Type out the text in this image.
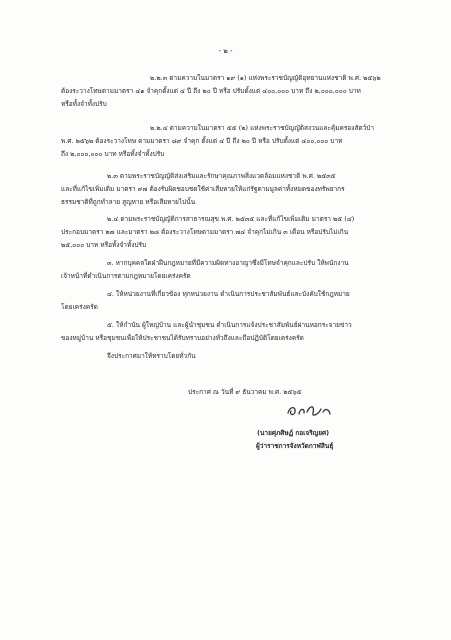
- ๒ -
๒.๒.๓ ตามความในมาตรา ๑๙ (๑) แห่งพระราชบัญญัติอุทยานแห่งชาติ พ.ศ. ๒๕๖๒
ต้องระวางโทษตามมาตรา ๔๑ จำคุกตั้งแต่ ๔ ปี ถึง ๒๐ ปี หรือ ปรับตั้งแต่ ๔๐๐,๐๐๐ บาท ถึง ๒,๐๐๐,๐๐๐ บาท
หรือทั้งจำทั้งปรับ
๒.๒.๔ ตามความในมาตรา ๕๕ (๒) แห่งพระราชบัญญัติสงวนและคุ้มครองสัตว์ป่า
พ.ศ. ๒๕๖๒ ต้องระวางโทษ ตามมาตรา ๘๙ จำคุก ตั้งแต่ ๔ ปี ถึง ๒๐ ปี หรือ ปรับตั้งแต่ ๔๐๐,๐๐๐ บาท
ถึง ๒,๐๐๐,๐๐๐ บาท หรือทั้งจำทั้งปรับ
๒.๓ ตามพระราชบัญญัติส่งเสริมและรักษาคุณภาพสิ่งแวดล้อมแห่งชาติ พ.ศ. ๒๕๓๕
และที่แก้ไขเพิ่มเติม มาตรา ๙๗ ต้องรับผิดชอบชดใช้ค่าเสียหายให้แก่รัฐตามมูลค่าทั้งหมดของทรัพยากร
ธรรมชาติที่ถูกทำลาย สูญหาย หรือเสียหายไปนั้น
๒.๔ ตามพระราชบัญญัติการสาธารณสุข พ.ศ. ๒๕๓๕ และที่แก้ไขเพิ่มเติม มาตรา ๒๕ (๔)
ประกอบมาตรา ๒๗ และมาตรา ๒๘ ต้องระวางโทษตามมาตรา ๗๔ จำคุกไม่เกิน ๓ เดือน หรือปรับไม่เกิน
๒๕,๐๐๐ บาท หรือทั้งจำทั้งปรับ
๓. หากบุคคลใดฝ่าฝืนกฎหมายที่มีความผิดทางอาญาซึ่งมีโทษจำคุกและปรับ ให้พนักงาน
เจ้าหน้าที่ดำเนินการตามกฎหมายโดยเคร่งครัด
๔. ให้หน่วยงานที่เกี่ยวข้อง ทุกหน่วยงาน ดำเนินการประชาสัมพันธ์และบังคับใช้กฎหมาย
โดยเคร่งครัด
๕. ให้กำนัน ผู้ใหญ่บ้าน และผู้นำชุมชน ดำเนินการแจ้งประชาสัมพันธ์ผ่านหอกระจายข่าว
ของหมู่บ้าน หรือชุมชนเพื่อให้ประชาชนได้รับทราบอย่างทั่วถึงและถือปฏิบัติโดยเคร่งครัด
จึงประกาศมาให้ทราบโดยทั่วกัน
ประกาศ ณ วันที่ ๙ ธันวาคม พ.ศ. ๒๕๖๕
(นายศุภศิษฏ์ กอเจริญยศ)
ผู้ว่าราชการจังหวัดกาฬสินธุ์
